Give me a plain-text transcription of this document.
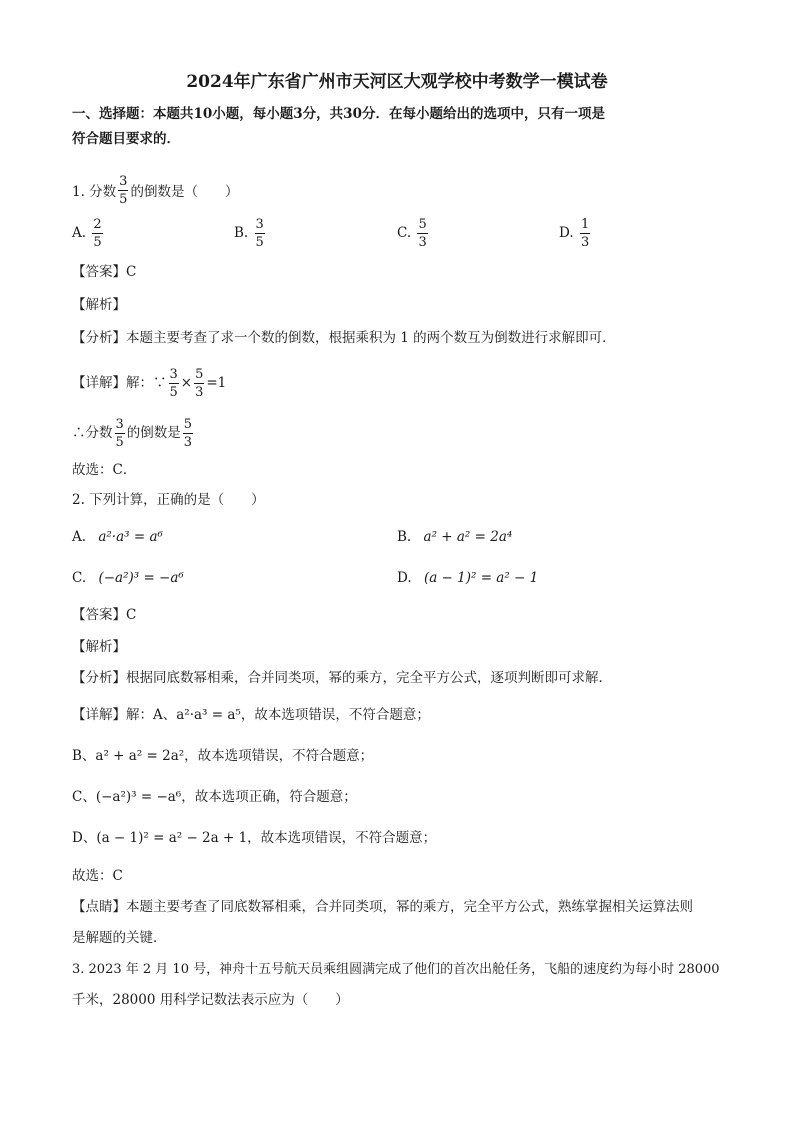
2024年广东省广州市天河区大观学校中考数学一模试卷
一、选择题：本题共10小题，每小题3分，共30分．在每小题给出的选项中，只有一项是
符合题目要求的．
1. 分数 $\frac{3}{5}$ 的倒数是（　　）
A. $\frac{2}{5}$	B. $\frac{3}{5}$	C. $\frac{5}{3}$	D. $\frac{1}{3}$
【答案】C
【解析】
【分析】本题主要考查了求一个数的倒数，根据乘积为 1 的两个数互为倒数进行求解即可．
【详解】解：∵ $\frac{3}{5} \times \frac{5}{3} =1$
∴分数 $\frac{3}{5}$ 的倒数是 $\frac{5}{3}$
故选：C．
2. 下列计算，正确的是（　　）
A. a²·a³ = a⁶	B. a² + a² = 2a⁴
C. (−a²)³ = −a⁶	D. (a − 1)² = a² − 1
【答案】C
【解析】
【分析】根据同底数幂相乘，合并同类项，幂的乘方，完全平方公式，逐项判断即可求解．
【详解】解：A、a²·a³ = a⁵，故本选项错误，不符合题意；
B、a² + a² = 2a²，故本选项错误，不符合题意；
C、(−a²)³ = −a⁶，故本选项正确，符合题意；
D、(a − 1)² = a² − 2a + 1，故本选项错误，不符合题意；
故选：C
【点睛】本题主要考查了同底数幂相乘，合并同类项，幂的乘方，完全平方公式，熟练掌握相关运算法则
是解题的关键．
3. 2023 年 2 月 10 号，神舟十五号航天员乘组圆满完成了他们的首次出舱任务，飞船的速度约为每小时 28000
千米，28000 用科学记数法表示应为（　　）
